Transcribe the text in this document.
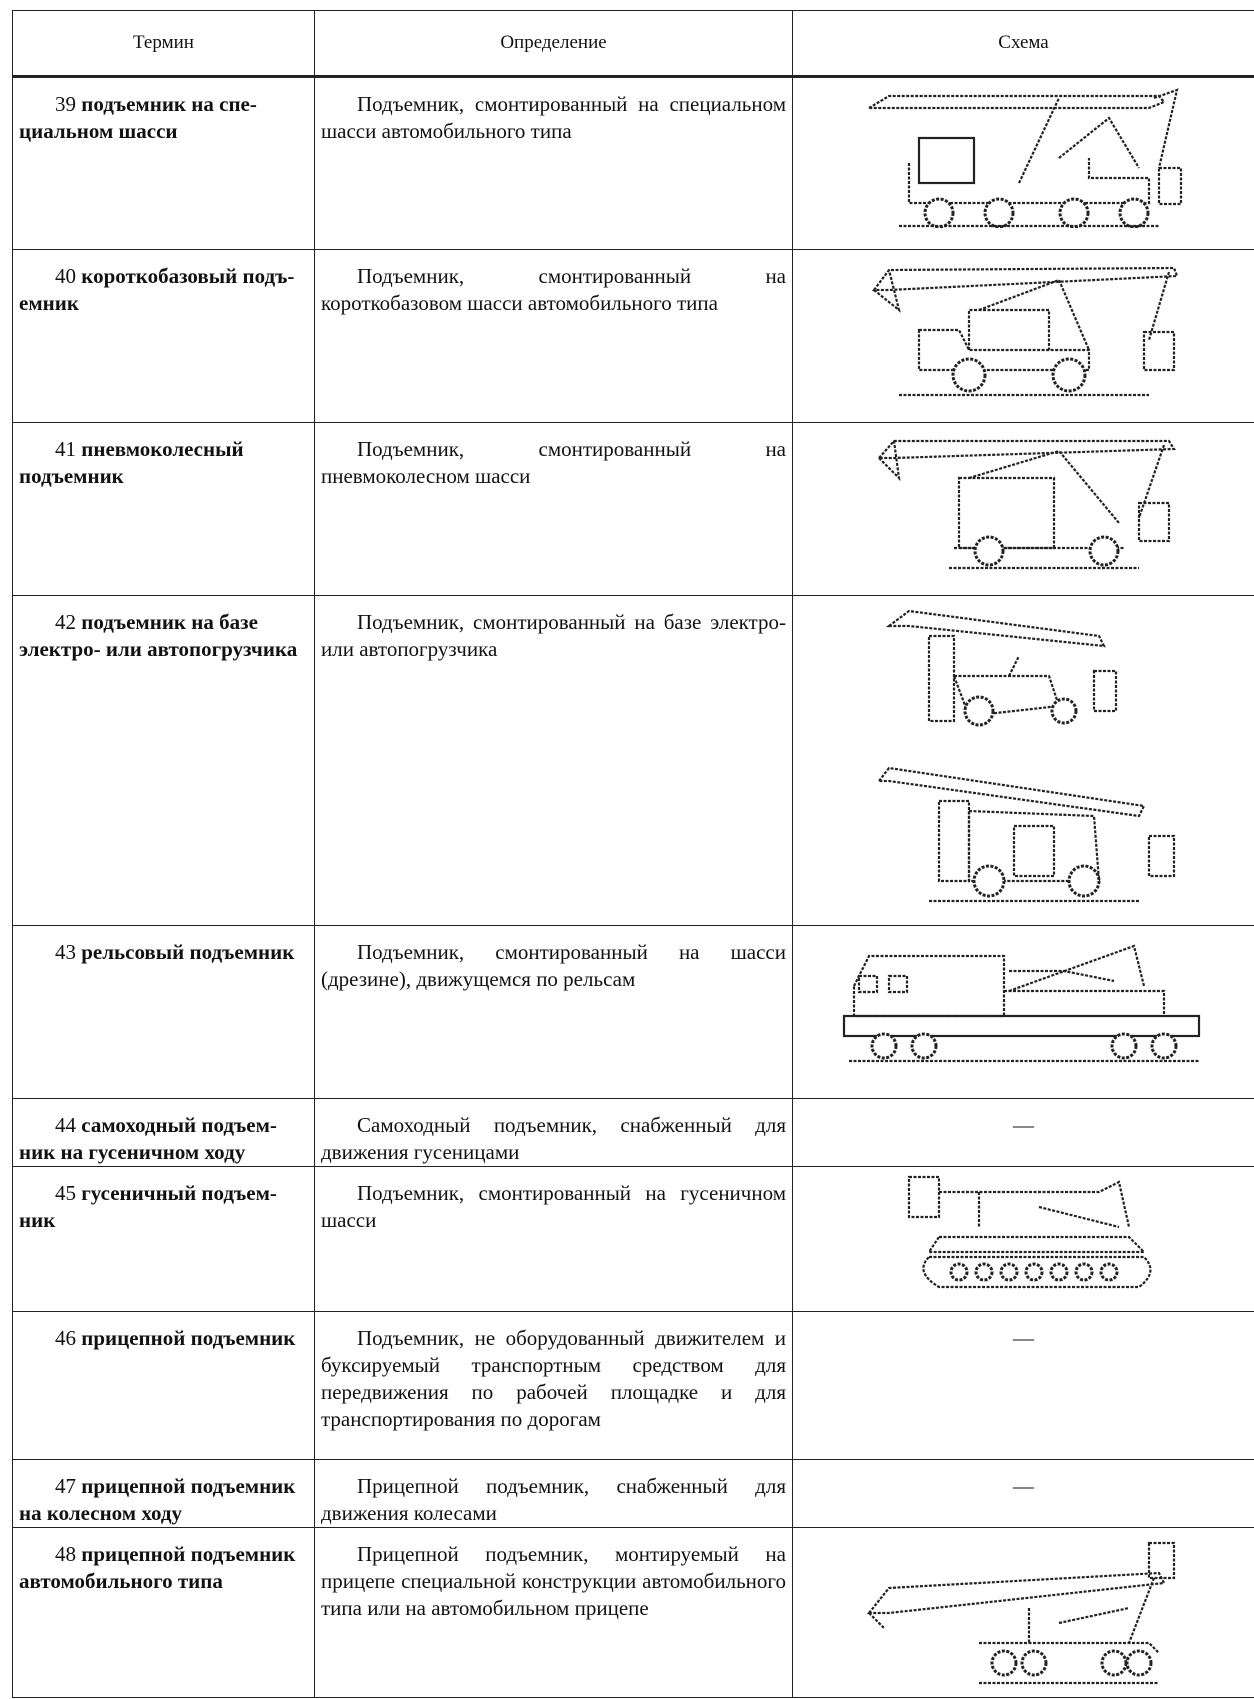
Термин	Определение	Схема
39 подъемник на спе-
циальном шасси	Подъемник, смонтированный на специальном шасси автомобильного типа	

40 короткобазовый подъ-
емник	Подъемник, смонтированный на короткобазовом шасси автомобильного типа	

41 пневмоколесный
подъемник	Подъемник, смонтированный на пневмоколесном шасси	

42 подъемник на базе
электро- или автопогрузчика	Подъемник, смонтированный на базе электро- или автопогрузчика	

43 рельсовый подъемник	Подъемник, смонтированный на шасси (дрезине), движущемся по рельсам	

44 самоходный подъем-
ник на гусеничном ходу	Самоходный подъемник, снабженный для движения гусеницами	—

45 гусеничный подъем-
ник	Подъемник, смонтированный на гусеничном шасси	

46 прицепной подъемник	Подъемник, не оборудованный движителем и буксируемый транспортным средством для передвижения по рабочей площадке и для транспортирования по дорогам	—

47 прицепной подъемник
на колесном ходу	Прицепной подъемник, снабженный для движения колесами	—

48 прицепной подъемник
автомобильного типа	Прицепной подъемник, монтируемый на прицепе специальной конструкции автомобильного типа или на автомобильном прицепе	
